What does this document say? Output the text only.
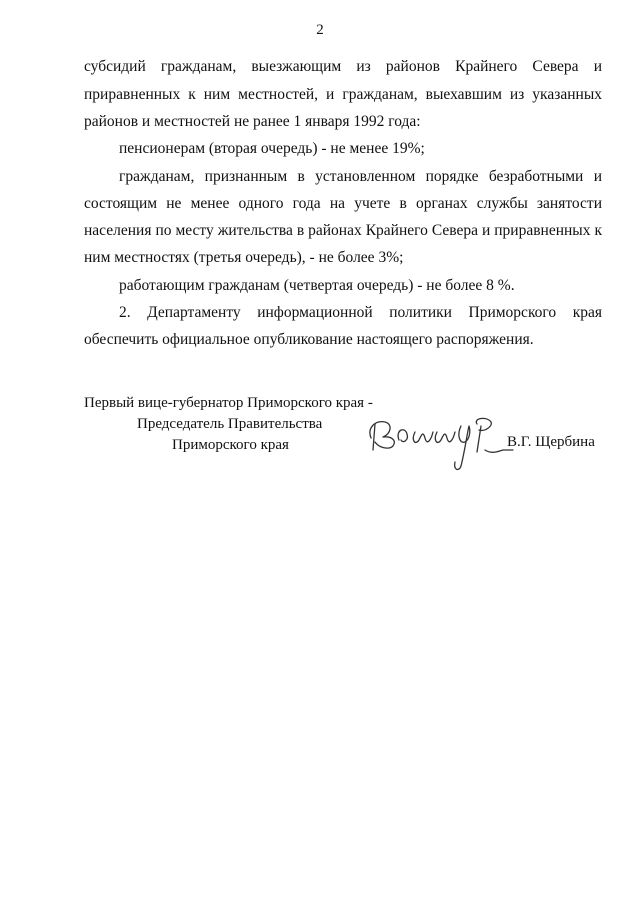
2
субсидий гражданам, выезжающим из районов Крайнего Севера и
приравненных к ним местностей, и гражданам, выехавшим из указанных
районов и местностей не ранее 1 января 1992 года:
пенсионерам (вторая очередь) - не менее 19%;
гражданам, признанным в установленном порядке безработными и
состоящим не менее одного года на учете в органах службы занятости
населения по месту жительства в районах Крайнего Севера и приравненных к
ним местностях (третья очередь), - не более 3%;
работающим гражданам (четвертая очередь) - не более 8 %.
2. Департаменту информационной политики Приморского края
обеспечить официальное опубликование настоящего распоряжения.
Первый вице-губернатор Приморского края -
Председатель Правительства
Приморского края	В.Г. Щербина
